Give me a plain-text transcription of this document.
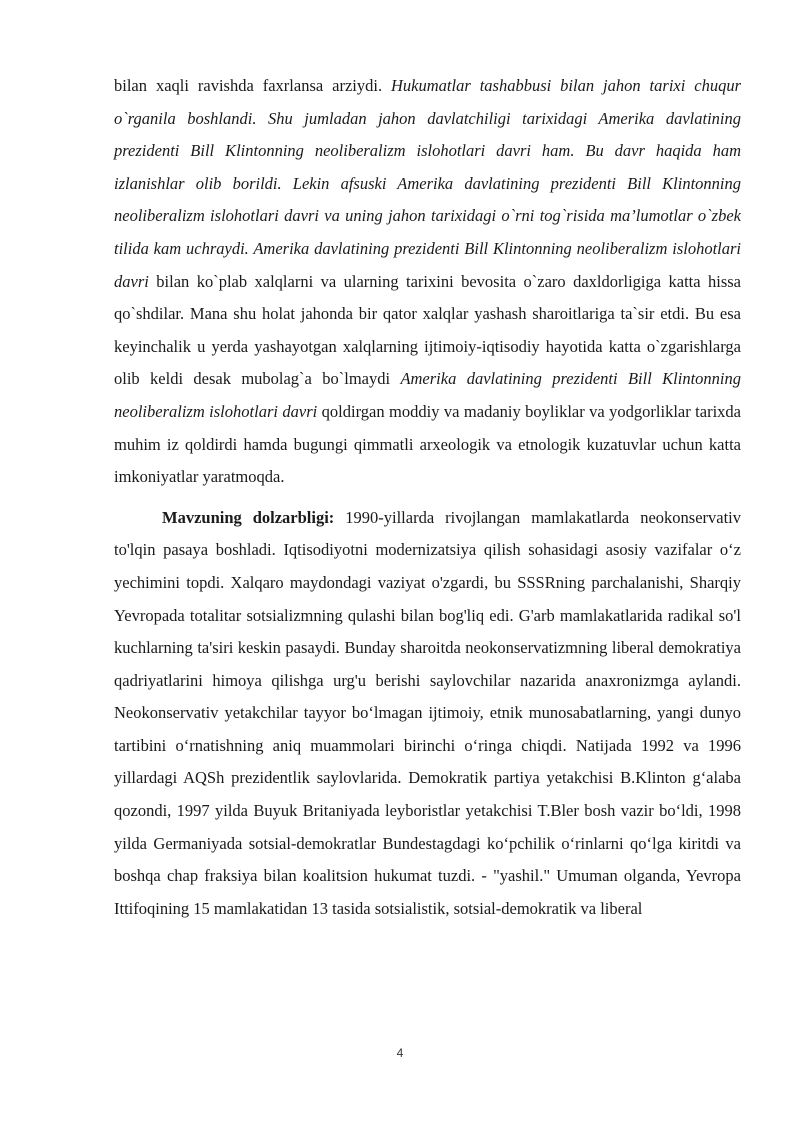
bilan xaqli ravishda faxrlansa arziydi. Hukumatlar tashabbusi bilan jahon tarixi chuqur o`rganila boshlandi. Shu jumladan jahon davlatchiligi tarixidagi Amerika davlatining prezidenti Bill Klintonning neoliberalizm islohotlari davri ham. Bu davr haqida ham izlanishlar olib borildi. Lekin afsuski Amerika davlatining prezidenti Bill Klintonning neoliberalizm islohotlari davri va uning jahon tarixidagi o`rni tog`risida ma’lumotlar o`zbek tilida kam uchraydi. Amerika davlatining prezidenti Bill Klintonning neoliberalizm islohotlari davri bilan ko`plab xalqlarni va ularning tarixini bevosita o`zaro daxldorligiga katta hissa qo`shdilar. Mana shu holat jahonda bir qator xalqlar yashash sharoitlariga ta`sir etdi. Bu esa keyinchalik u yerda yashayotgan xalqlarning ijtimoiy-iqtisodiy hayotida katta o`zgarishlarga olib keldi desak mubolag`a bo`lmaydi Amerika davlatining prezidenti Bill Klintonning neoliberalizm islohotlari davri qoldirgan moddiy va madaniy boyliklar va yodgorliklar tarixda muhim iz qoldirdi hamda bugungi qimmatli arxeologik va etnologik kuzatuvlar uchun katta imkoniyatlar yaratmoqda.

Mavzuning dolzarbligi: 1990-yillarda rivojlangan mamlakatlarda neokonservativ to'lqin pasaya boshladi. Iqtisodiyotni modernizatsiya qilish sohasidagi asosiy vazifalar o‘z yechimini topdi. Xalqaro maydondagi vaziyat o'zgardi, bu SSSRning parchalanishi, Sharqiy Yevropada totalitar sotsializmning qulashi bilan bog'liq edi. G'arb mamlakatlarida radikal so'l kuchlarning ta'siri keskin pasaydi. Bunday sharoitda neokonservatizmning liberal demokratiya qadriyatlarini himoya qilishga urg'u berishi saylovchilar nazarida anaxronizmga aylandi. Neokonservativ yetakchilar tayyor bo‘lmagan ijtimoiy, etnik munosabatlarning, yangi dunyo tartibini o‘rnatishning aniq muammolari birinchi o‘ringa chiqdi. Natijada 1992 va 1996 yillardagi AQSh prezidentlik saylovlarida. Demokratik partiya yetakchisi B.Klinton g‘alaba qozondi, 1997 yilda Buyuk Britaniyada leyboristlar yetakchisi T.Bler bosh vazir bo‘ldi, 1998 yilda Germaniyada sotsial-demokratlar Bundestagdagi ko‘pchilik o‘rinlarni qo‘lga kiritdi va boshqa chap fraksiya bilan koalitsion hukumat tuzdi. - "yashil." Umuman olganda, Yevropa Ittifoqining 15 mamlakatidan 13 tasida sotsialistik, sotsial-demokratik va liberal

4
